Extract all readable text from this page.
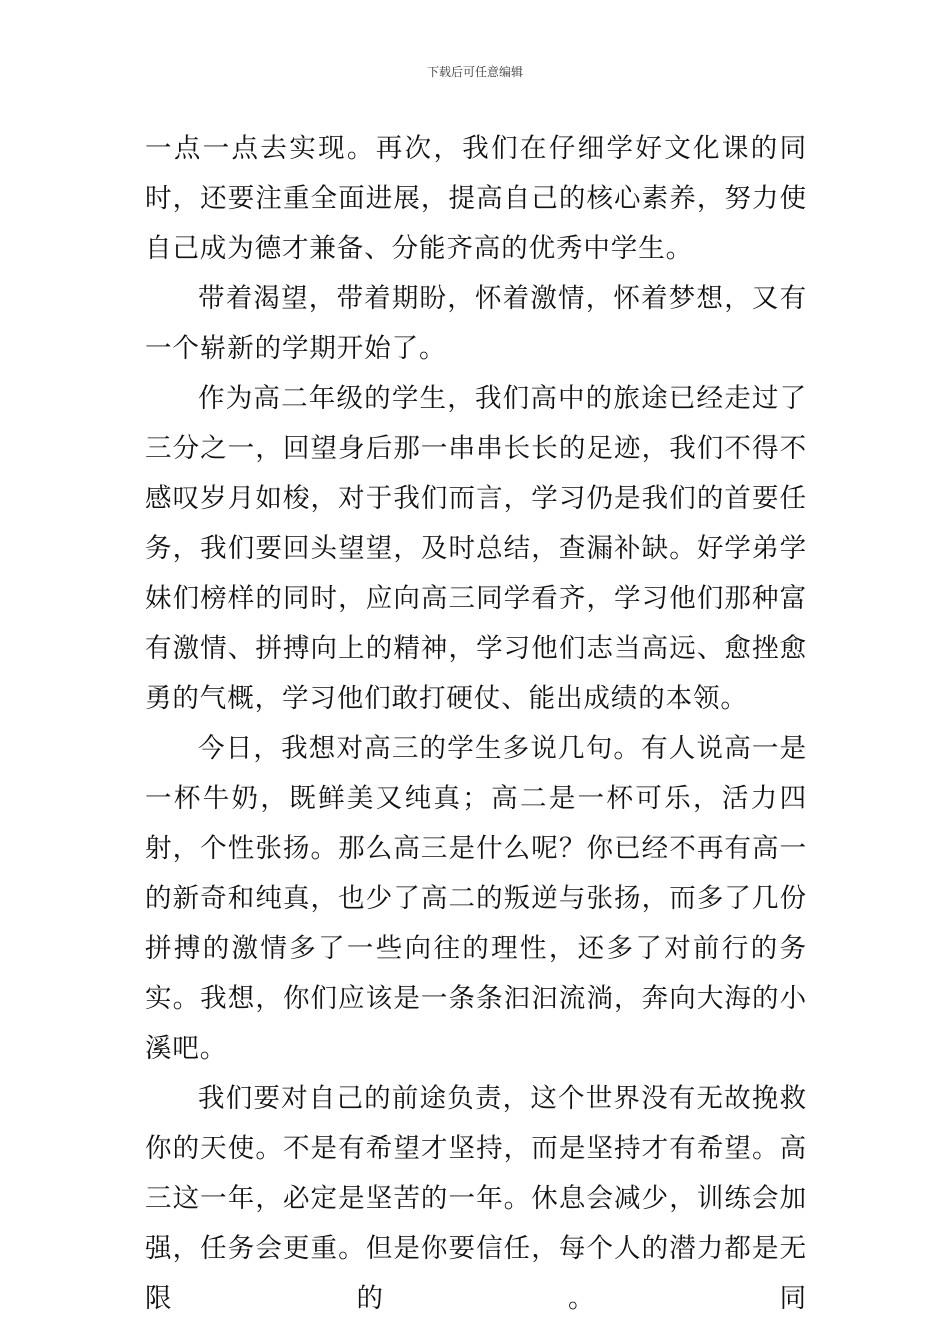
下载后可任意编辑

一点一点去实现。再次，我们在仔细学好文化课的同时，还要注重全面进展，提高自己的核心素养，努力使自己成为德才兼备、分能齐高的优秀中学生。

带着渴望，带着期盼，怀着激情，怀着梦想，又有一个崭新的学期开始了。

作为高二年级的学生，我们高中的旅途已经走过了三分之一，回望身后那一串串长长的足迹，我们不得不感叹岁月如梭，对于我们而言，学习仍是我们的首要任务，我们要回头望望，及时总结，查漏补缺。好学弟学妹们榜样的同时，应向高三同学看齐，学习他们那种富有激情、拼搏向上的精神，学习他们志当高远、愈挫愈勇的气概，学习他们敢打硬仗、能出成绩的本领。

今日，我想对高三的学生多说几句。有人说高一是一杯牛奶，既鲜美又纯真；高二是一杯可乐，活力四射，个性张扬。那么高三是什么呢？你已经不再有高一的新奇和纯真，也少了高二的叛逆与张扬，而多了几份拼搏的激情多了一些向往的理性，还多了对前行的务实。我想，你们应该是一条条汩汩流淌，奔向大海的小溪吧。

我们要对自己的前途负责，这个世界没有无故挽救你的天使。不是有希望才坚持，而是坚持才有希望。高三这一年，必定是坚苦的一年。休息会减少，训练会加强，任务会更重。但是你要信任，每个人的潜力都是无限的。同
